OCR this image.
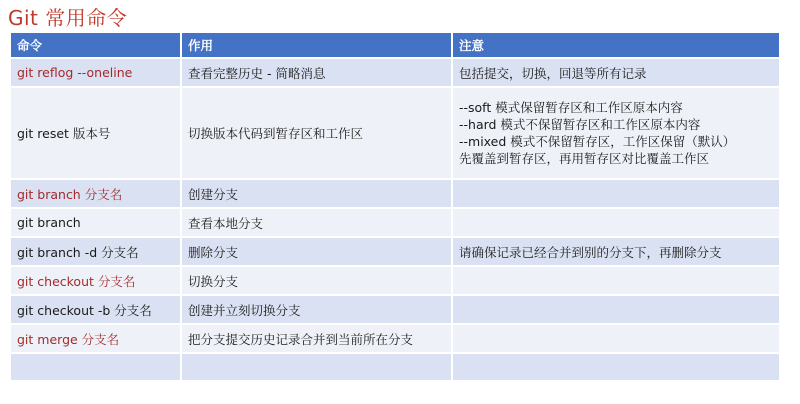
Git 常用命令
命令	作用	注意
git reflog --oneline	查看完整历史 - 简略消息	包括提交，切换，回退等所有记录

git reset 版本号	切换版本代码到暂存区和工作区	--soft 模式保留暂存区和工作区原本内容
--hard 模式不保留暂存区和工作区原本内容
--mixed 模式不保留暂存区，工作区保留（默认）
先覆盖到暂存区，再用暂存区对比覆盖工作区

git branch 分支名	创建分支	
git branch	查看本地分支	
git branch -d 分支名	删除分支	请确保记录已经合并到别的分支下，再删除分支

git checkout 分支名	切换分支	
git checkout -b 分支名	创建并立刻切换分支	
git merge 分支名	把分支提交历史记录合并到当前所在分支	
